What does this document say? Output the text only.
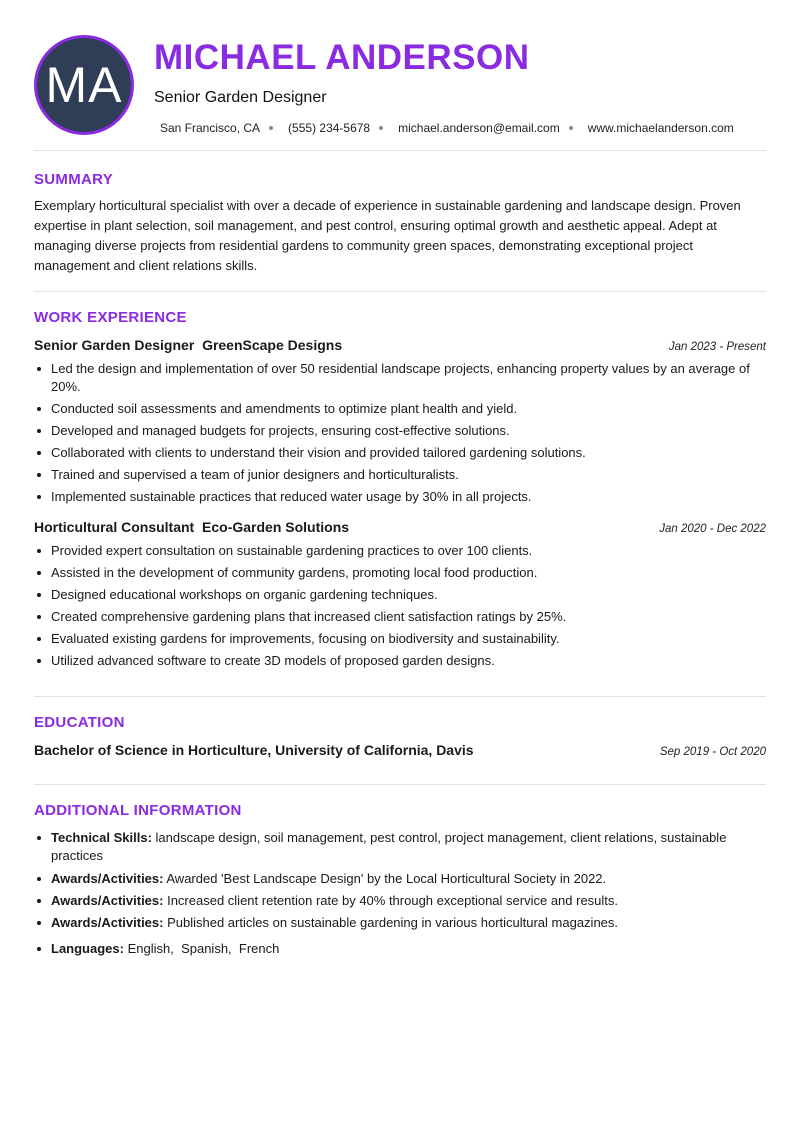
MA MICHAEL ANDERSON
Senior Garden Designer
San Francisco, CA (555) 234-5678 michael.anderson@email.com www.michaelanderson.com
SUMMARY

Exemplary horticultural specialist with over a decade of experience in sustainable gardening and landscape design. Proven expertise in plant selection, soil management, and pest control, ensuring optimal growth and aesthetic appeal. Adept at managing diverse projects from residential gardens to community green spaces, demonstrating exceptional project management and client relations skills.

WORK EXPERIENCE
Senior Garden Designer GreenScape Designs	Jan 2023 - Present
Led the design and implementation of over 50 residential landscape projects, enhancing property values by an average of 20%.
Conducted soil assessments and amendments to optimize plant health and yield.
Developed and managed budgets for projects, ensuring cost-effective solutions.
Collaborated with clients to understand their vision and provided tailored gardening solutions.
Trained and supervised a team of junior designers and horticulturalists.
Implemented sustainable practices that reduced water usage by 30% in all projects.
Horticultural Consultant Eco-Garden Solutions	Jan 2020 - Dec 2022
Provided expert consultation on sustainable gardening practices to over 100 clients.
Assisted in the development of community gardens, promoting local food production.
Designed educational workshops on organic gardening techniques.
Created comprehensive gardening plans that increased client satisfaction ratings by 25%.
Evaluated existing gardens for improvements, focusing on biodiversity and sustainability.
Utilized advanced software to create 3D models of proposed garden designs.
EDUCATION
Bachelor of Science in Horticulture, University of California, Davis	Sep 2019 - Oct 2020
ADDITIONAL INFORMATION
Technical Skills: landscape design, soil management, pest control, project management, client relations, sustainable practices
Awards/Activities: Awarded 'Best Landscape Design' by the Local Horticultural Society in 2022.
Awards/Activities: Increased client retention rate by 40% through exceptional service and results.
Awards/Activities: Published articles on sustainable gardening in various horticultural magazines.
Languages: English,  Spanish,  French
